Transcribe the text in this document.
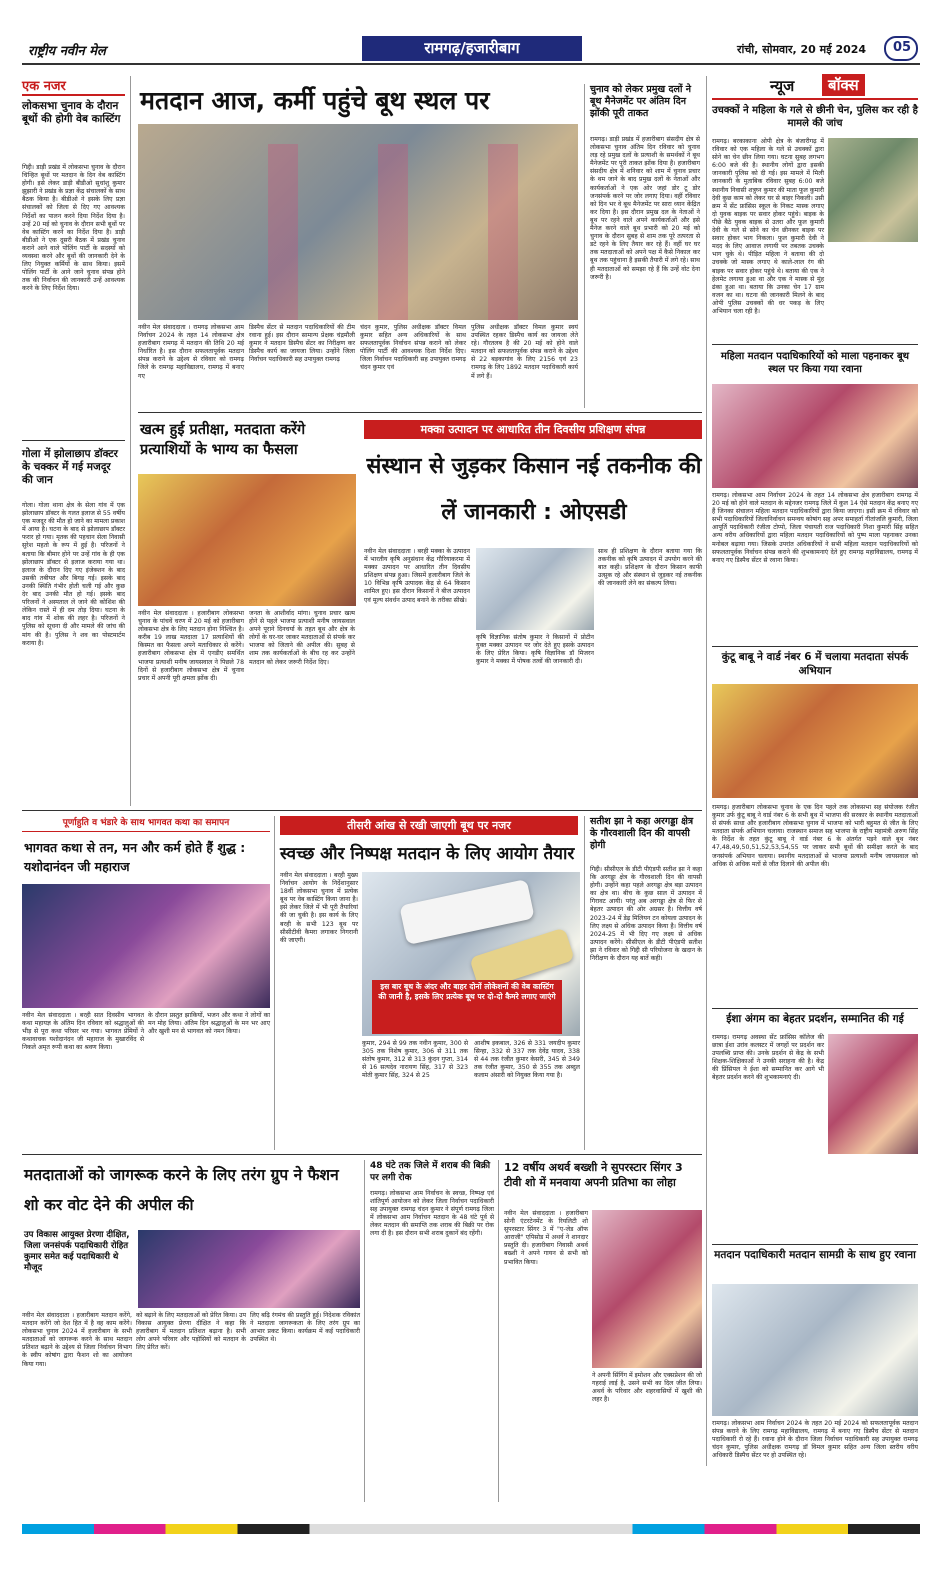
राष्ट्रीय नवीन मेल	रामगढ़/हजारीबाग	रांची, सोमवार, 20 मई 2024	05
एक नजर
लोकसभा चुनाव के दौरान बूथों की होगी वेब कास्टिंग
गिद्दी। डाड़ी प्रखंड में लोकसभा चुनाव के दौरान चिन्हित बूथों पर मतदान के दिन वेब कास्टिंग होगी। इसे लेकर डाड़ी बीडीओ सुधांशु कुमार झुझारी ने प्रखंड के प्रज्ञा केंद्र संचालकों के साथ बैठक किया है। बीडीओ ने इसके लिए प्रज्ञा संचालकों को जिला से दिए गए आवश्यक निर्देशों का पालन करने दिया निर्देश दिया है। उन्हें 20 मई को चुनाव के दौरान सभी बूथों पर वेब कास्टिंग करने का निर्देश दिया है। डाड़ी बीडीओ ने एक दूसरी बैठक में प्रखंड चुनाव कराने आने वाले पोलिंग पार्टी के सदस्यों को व्यवस्था करने और बूथों की जानकारी देने के लिए नियुक्त कर्मियों के साथ किया। इसमें पोलिंग पार्टी के आने जाने चुनाव संपन्न होने तक की निर्वाचन की जानकारी उन्हें आवश्यक करने के लिए निर्देश दिया।
गोला में झोलाछाप डॉक्टर के चक्कर में गई मजदूर की जान
गोला। गोला थाना क्षेत्र के सेला गांव में एक झोलाछाप डॉक्टर के गलत इलाज से 55 वर्षीय एक मजदूर की मौत हो जाने का मामला प्रकाश में आया है। घटना के बाद से झोलाछाप डॉक्टर फरार हो गया। मृतक की पहचान सेला निवासी सुरेश महतो के रूप में हुई है। परिजनों ने बताया कि बीमार होने पर उन्हें गांव के ही एक झोलाछाप डॉक्टर से इलाज कराया गया था। इलाज के दौरान दिए गए इंजेक्शन के बाद उसकी तबीयत और बिगड़ गई। इसके बाद उनकी स्थिति गंभीर होती चली गई और कुछ देर बाद उनकी मौत हो गई। इसके बाद परिजनों ने अस्पताल ले जाने की कोशिश की लेकिन रास्ते में ही दम तोड़ दिया। घटना के बाद गांव में शोक की लहर है। परिजनों ने पुलिस को सूचना दी और मामले की जांच की मांग की है। पुलिस ने शव का पोस्टमार्टम कराया है।
मतदान आज, कर्मी पहुंचे बूथ स्थल पर
नवीन मेल संवाददाता । रामगढ़ लोकसभा आम निर्वाचन 2024 के तहत 14 लोकसभा क्षेत्र हजारीबाग रामगढ़ में मतदान की तिथि 20 मई निर्धारित है। इस दौरान सफलतापूर्वक मतदान संपन्न कराने के उद्देश्य से रविवार को रामगढ़ जिले के रामगढ़ महाविद्यालय, रामगढ़ में बनाए गए
डिस्पैच सेंटर से मतदान पदाधिकारियों की टीम रवाना हुई। इस दौरान सामान्य प्रेक्षक चंद्रमौली कुमार ने मतदान डिस्पैच सेंटर का निरीक्षण कर डिस्पैच कार्य का जायजा लिया। उन्होंने जिला निर्वाचन पदाधिकारी सह उपायुक्त रामगढ़
चंदन कुमार, पुलिस अधीक्षक डॉक्टर विमल कुमार सहित अन्य अधिकारियों के साथ सफलतापूर्वक निर्वाचन संपन्न कराने को लेकर पोलिंग पार्टी की आवश्यक दिशा निर्देश दिए। जिला निर्वाचन पदाधिकारी सह उपायुक्त रामगढ़ चंदन कुमार एवं
पुलिस अधीक्षक डॉक्टर विमल कुमार स्वयं उपस्थित रहकर डिस्पैच कार्य का जायजा लेते रहे। गौरतलब है की 20 मई को होने वाले मतदान को सफलतापूर्वक संपन्न कराने के उद्देश्य से 22 बड़कागांव के लिए 2156 एवं 23 रामगढ़ के लिए 1892 मतदान पदाधिकारी कार्य में लगे हैं।
चुनाव को लेकर प्रमुख दलों ने बूथ मैनेजमेंट पर अंतिम दिन झोंकी पूरी ताकत
रामगढ़। डाड़ी प्रखंड में हजारीबाग संसदीय क्षेत्र से लोकसभा चुनाव अंतिम दिन रविवार को चुनाव लड़ रहे प्रमुख दलों के प्रत्याशी के समर्थकों ने बूथ मैनेजमेंट पर पूरी ताकत झोंक दिया है। हजारीबाग संसदीय क्षेत्र में शनिवार को शाम में चुनाव प्रचार के थम जाने के बाद प्रमुख दलों के नेताओं और कार्यकर्ताओं ने एक ओर जहां डोर टू डोर जनसंपर्क करने पर जोर लगाए दिया। वहीं रविवार को दिन भर वे बूथ मैनेजमेंट पर सारा ध्यान केंद्रित कर दिया है। इस दौरान प्रमुख दल के नेताओं ने बूथ पर रहने वाले अपने कार्यकर्ताओं और इसे मैनेज करने वाले बूथ प्रभारी को 20 मई को चुनाव के दौरान सुबह से शाम तक पूरे तत्परता से डटे रहने के लिए तैयार कर रहे हैं। वहीं घर घर तक मतदाताओं को अपने पक्ष में कैसे निकाल कर बूथ तक पहुंचाना है इसकी तैयारी में लगे रहे। साथ ही मतदाताओं को समझा रहे हैं कि उन्हें वोट देना जरूरी है।
न्यूज	बॉक्स
उचक्कों ने महिला के गले से छीनी चेन, पुलिस कर रही है मामले की जांच
रामगढ़। बरकाकाना ओपी क्षेत्र के बंजारीगढ़ में रविवार को एक महिला के गले से उचक्कों द्वारा सोने का चेन छीन लिया गया। घटना सुबह लगभग 6:00 बजे की है। स्थानीय लोगों द्वारा इसकी जानकारी पुलिस को दी गई। इस मामले में मिली जानकारी के मुताबिक रविवार सुबह 6:00 बजे स्थानीय निवासी शत्रुघ्न कुमार की माता फूल कुमारी देवी कुछ काम को लेकर घर से बाहर निकली। उसी क्रम में सेंट फ्रांसिस स्कूल के निकट मास्क लगाए दो युवक बाइक पर सवार होकर पहुंचे। बाइक के पीछे बैठे युवक बाइक से उतरा और फूल कुमारी देवी के गले से सोने का चेन छीनकर बाइक पर सवार होकर भाग निकला। फूल कुमारी देवी ने मदद के लिए आवाज लगायी पर तबतक उचक्के भाग चुके थे। पीड़ित महिला ने बताया की दो उचक्के जो मास्क लगाए थे काले-लाल रंग की बाइक पर सवार होकर पहुंचे थे। बताया की एक ने हेलमेट लगाया हुआ था और एक ने मास्क से मुंह ढंका हुआ था। बताया कि उनका चेन 17 ग्राम वजन का था। घटना की जानकारी मिलने के बाद ओपी पुलिस उचक्कों की धर पकड़ के लिए अभियान चला रही है।
महिला मतदान पदाधिकारियों को माला पहनाकर बूथ स्थल पर किया गया रवाना
रामगढ़। लोकसभा आम निर्वाचन 2024 के तहत 14 लोकसभा क्षेत्र हजारीबाग रामगढ़ में 20 मई को होने वाले मतदान के मद्देनजर रामगढ़ जिले में कुल 14 ऐसे मतदान केंद्र बनाए गए हैं जिनका संचालन महिला मतदान पदाधिकारियों द्वारा किया जाएगा। इसी क्रम में रविवार को सभी पदाधिकारियों जिलानिर्वाचन समन्वय कोषांग सह अपर समाहर्ता गीतांजलि कुमारी, जिला आपूर्ति पदाधिकारी रंजीता टोप्पो, जिला पंचायती राज पदाधिकारी निशा कुमारी सिंह सहित अन्य वरीय अधिकारियों द्वारा महिला मतदान पदाधिकारियों को पुष्प माला पहनाकर उनका मनोबल बढ़ाया गया। जिसके उपरांत अधिकारियों ने सभी महिला मतदान पदाधिकारियों को सफलतापूर्वक निर्वाचन संपन्न कराने की शुभकामनाएं देते हुए रामगढ़ महाविद्यालय, रामगढ़ में बनाए गए डिस्पैच सेंटर से रवाना किया।
कुंटू बाबू ने वार्ड नंबर 6 में चलाया मतदाता संपर्क अभियान
रामगढ़। हजारीबाग लोकसभा चुनाव के एक दिन पहले तक लोकसभा सह संयोजक रंजीत कुमार उर्फ कुंटू बाबू ने वार्ड नंबर 6 के सभी बूथ में भाजपा की सरकार के स्थानीय मतदाताओं से संपर्क साधा और हजारीबाग लोकसभा चुनाव में भाजपा को भारी बहुमत से जीत के लिए मतदाता संपर्क अभियान चलाया। राजस्थान समाज सह भाजपा के राष्ट्रीय महामंत्री अरुण सिंह के निर्देश के तहत कुंटू बाबू ने वार्ड नंबर 6 के अंतर्गत पड़ने वाले बूथ नंबर 47,48,49,50,51,52,53,54,55 पर जाकर सभी बूथों की समीक्षा करते के बाद जनसंपर्क अभियान चलाया। स्थानीय मतदाताओं से भाजपा प्रत्याशी मनीष जायसवाल को अधिक से अधिक मतों से जीत दिलाने की अपील की।
ईशा अंगम का बेहतर प्रदर्शन, सम्मानित की गई
रामगढ़। रामगढ़ अवस्था सेंट फ्रांसिस कॉलेज की छात्रा ईशा उरांव कलस्टर में जगहों पर प्रदर्शन कर उपलब्धि प्राप्त की। उनके प्रदर्शन से केंद्र के सभी शिक्षक-शिक्षिकाओं ने उनकी सराहना की है। केंद्र की प्रिंसिपल ने ईशा को सम्मानित कर आगे भी बेहतर प्रदर्शन करने की शुभकामनाएं दी।
मतदान पदाधिकारी मतदान सामग्री के साथ हुए रवाना
रामगढ़। लोकसभा आम निर्वाचन 2024 के तहत 20 मई 2024 को सफलतापूर्वक मतदान संपन्न कराने के लिए रामगढ़ महाविद्यालय, रामगढ़ में बनाए गए डिस्पैच सेंटर से मतदान पदाधिकारी रो रहे हैं। रवाना होने के दौरान जिला निर्वाचन पदाधिकारी सह उपायुक्त रामगढ़ चंदन कुमार, पुलिस अधीक्षक रामगढ़ डॉ विमल कुमार सहित अन्य जिला स्तरीय वरीय अधिकारी डिस्पैच सेंटर पर हो उपस्थित रहे।
खत्म हुई प्रतीक्षा, मतदाता करेंगे प्रत्याशियों के भाग्य का फैसला
नवीन मेल संवाददाता । हजारीबाग लोकसभा चुनाव के पांचवें चरण में 20 मई को हजारीबाग लोकसभा क्षेत्र के लिए मतदान होना निश्चित है। करीब 19 लाख मतदाता 17 प्रत्याशियों की किस्मत का फैसला अपने मताधिकार से करेंगे। हजारीबाग लोकसभा क्षेत्र में एनडीए समर्थित भाजपा प्रत्याशी मनीष जायसवाल ने पिछले 78 दिनों से हजारीबाग लोकसभा क्षेत्र में चुनाव प्रचार में अपनी पूरी क्षमता झोंक दी।
जनता के आशीर्वाद मांगा। चुनाव प्रचार खत्म होने से पहले भाजपा प्रत्याशी मनीष जायसवाल अपने पूराने दिनचर्या के तहत बूथ और क्षेत्र के लोगों के घर-घर जाकर मतदाताओं से संपर्क कर भाजपा को जिताने की अपील की। सुबह से शाम तक कार्यकर्ताओं के बीच रह कर उन्होंने मतदान को लेकर जरूरी निर्देश दिए।
मक्का उत्पादन पर आधारित तीन दिवसीय प्रशिक्षण संपन्न
संस्थान से जुड़कर किसान नई तकनीक की लें जानकारी : ओएसडी
नवीन मेल संवाददाता । बरही मक्का के उत्पादन में भारतीय कृषि अनुसंधान केंद्र गौरियाकरमा में मक्का उत्पादन पर आधारित तीन दिवसीय प्रशिक्षण संपन्न हुआ। जिसमें हजारीबाग जिले के 10 विभिन्न कृषि उत्पादक केंद्र से 64 किसान शामिल हुए। इस दौरान किसानों ने बीज उत्पादन एवं मूल्य संवर्धन उत्पाद बनाने के तरीका सीखे।
कृषि विज्ञानिक संतोष कुमार ने किसानों में प्रोटीन युक्त मक्का उत्पादन पर जोर देते हुए इसके उत्पादन के लिए प्रेरित किया। कृषि विज्ञानिक डॉ मिजरन कुमार ने मक्का में पोषक तत्वों की जानकारी दी।
साथ ही प्रशिक्षण के दौरान बताया गया कि तकनीक को कृषि उत्पादन में उपयोग करने की बात कही। प्रशिक्षण के दौरान किसान काफी उत्सुक रहे और संस्थान से जुड़कर नई तकनीक की जानकारी लेने का संकल्प लिया।
पूर्णाहुति व भंडारे के साथ भागवत कथा का समापन
भागवत कथा से तन, मन और कर्म होते हैं शुद्ध : यशोदानंदन जी महाराज
नवीन मेल संवाददाता । बरही सात दिवसीय भागवत कथा महायज्ञ के अंतिम दिन रविवार को श्रद्धालुओं की भीड़ से पूरा कथा परिसर भर गया। भागवत प्रेमियों ने कथावाचक यशोदानंदन जी महाराज के मुखारविंद से निकले अमृत रूपी कथा का श्रवण किया।
के दौरान प्रस्तुत झाकियों, भजन और कथा ने लोगों का मन मोह लिया। अंतिम दिन श्रद्धालुओं के मन भर आए और खुशी मन से भागवत को नमन किया।
तीसरी आंख से रखी जाएगी बूथ पर नजर
स्वच्छ और निष्पक्ष मतदान के लिए आयोग तैयार
नवीन मेल संवाददाता । बरही मुख्य निर्वाचन आयोग के निर्देशानुसार 18वीं लोकसभा चुनाव में प्रत्येक बूथ पर वेब कास्टिंग किया जाना है। इसे लेकर जिले में भी पूरी तैयारियां की जा चुकी है। इस कार्य के लिए बरही के सभी 123 बूथ पर सीसीटीवी कैमरा लगाकर निगरानी की जाएगी।
इस बार बूथ के अंदर और बाहर दोनों लोकेशनों की वेब कास्टिंग की जानी है, इसके लिए प्रत्येक बूथ पर दो-दो कैमरे लगाए जाएंगे
कुमार, 294 से 99 तक नवीन कुमार, 300 से 305 तक निशेष कुमार, 306 से 311 तक संतोष कुमार, 312 से 313 कुंदन गुप्ता, 314 से 16 सत्यदेव नारायण सिंह, 317 से 323 मोती कुमार सिंह, 324 से 25
आशीष इकबाल, 326 से 331 जयदीप कुमार सिन्हा, 332 से 337 तक देवेंद्र यादव, 338 से 44 तक रंजीत कुमार केसरी, 345 से 349 तक रंजीत कुमार, 350 से 355 तक अब्दुल कलाम अंसारी को नियुक्त किया गया है।
सतीश झा ने कहा अरगड्डा क्षेत्र के गौरवशाली दिन की वापसी होगी
गिद्दी। सीसीएल के डीटी पीएंडपी सतीश झा ने कहा कि अरगड्डा क्षेत्र के गौरवशाली दिन की वापसी होगी। उन्होंने कहा पहले अरगड्डा क्षेत्र बड़ा उत्पादन का क्षेत्र था। बीच के कुछ साल में उत्पादन में गिरावट आयी। परंतु अब अरगड्डा क्षेत्र से फिर से बेहतर उत्पादन की ओर अग्रसर है। वित्तीय वर्ष 2023-24 में डेढ़ मिलियन टन कोयला उत्पादन के लिए लक्ष्य से अधिक उत्पादन किया है। वित्तीय वर्ष 2024-25 में भी दिए गए लक्ष्य से अधिक उत्पादन करेंगे। सीसीएल के डीटी पीएंडपी सतीश झा ने रविवार को गिद्दी सी परियोजना के खदान के निरीक्षण के दौरान यह बातें कही।
मतदाताओं को जागरूक करने के लिए तरंग ग्रुप ने फैशन शो कर वोट देने की अपील की
उप विकास आयुक्त प्रेरणा दीक्षित, जिला जनसंपर्क पदाधिकारी रोहित कुमार समेत कई पदाधिकारी थे मौजूद
नवीन मेल संवाददाता । हजारीबाग मतदान करेंगे, मतदान करेंगे जो देश हित में है वह काम करेंगे। लोकसभा चुनाव 2024 में हजारीबाग के सभी मतदाताओं को जागरूक करने के साथ मतदान प्रतिशत बढ़ाने के उद्देश्य से जिला निर्वाचन विभाग के स्वीप कोषांग द्वारा फैशन शो का आयोजन किया गया।
को बढ़ाने के लिए मतदाताओं को प्रेरित किया। उप विकास आयुक्त प्रेरणा दीक्षित ने कहा कि हजारीबाग में मतदान प्रतिशत बढ़ाना है। सभी लोग अपने परिवार और पड़ोसियों को मतदान के लिए प्रेरित करें।
लिए बढ़ि रंगमंच की प्रस्तुति हुई। निदेशक रविकांत ने मतदाता जागरूकता के लिए तरंग ग्रुप का आभार प्रकट किया। कार्यक्रम में कई पदाधिकारी उपस्थित थे।
48 घंटे तक जिले में शराब की बिक्री पर लगी रोक
रामगढ़। लोकसभा आम निर्वाचन के स्वच्छ, निष्पक्ष एवं शांतिपूर्ण आयोजन को लेकर जिला निर्वाचन पदाधिकारी सह उपायुक्त रामगढ़ चंदन कुमार ने संपूर्ण रामगढ़ जिला में लोकसभा आम निर्वाचन मतदान के 48 घंटे पूर्व से लेकर मतदान की समाप्ति तक शराब की बिक्री पर रोक लगा दी है। इस दौरान सभी शराब दुकानें बंद रहेंगी।
12 वर्षीय अथर्व बख्शी ने सुपरस्टार सिंगर 3 टीवी शो में मनवाया अपनी प्रतिभा का लोहा
नवीन मेल संवाददाता । हजारीबाग सोनी एंटरटेनमेंट के रियलिटी शो सुपरस्टार सिंगर 3 में "ए-जेड ऑफ आराजी" एपिसोड में अथर्व ने शानदार प्रस्तुति दी। हजारीबाग निवासी अथर्व बख्शी ने अपने गायन से सभी को प्रभावित किया।
ने अपनी सिंगिंग में इमोशन और एक्सप्रेशन की जो गहराई लाई है, उसने सभी का दिल जीत लिया। अथर्व के परिवार और शहरवासियों में खुशी की लहर है।
